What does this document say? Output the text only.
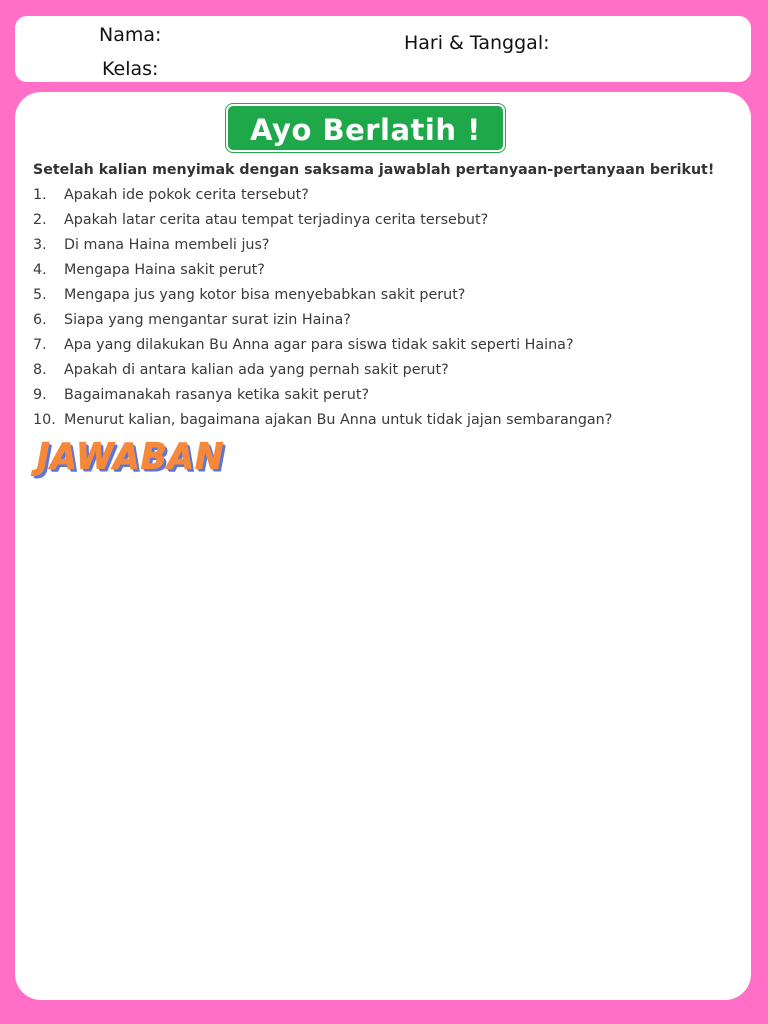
Nama:
Kelas:
Hari & Tanggal:
Ayo Berlatih !
Setelah kalian menyimak dengan saksama jawablah pertanyaan-pertanyaan berikut!
1.	Apakah ide pokok cerita tersebut?
2.	Apakah latar cerita atau tempat terjadinya cerita tersebut?
3.	Di mana Haina membeli jus?
4.	Mengapa Haina sakit perut?
5.	Mengapa jus yang kotor bisa menyebabkan sakit perut?
6.	Siapa yang mengantar surat izin Haina?
7.	Apa yang dilakukan Bu Anna agar para siswa tidak sakit seperti Haina?
8.	Apakah di antara kalian ada yang pernah sakit perut?
9.	Bagaimanakah rasanya ketika sakit perut?
10. Menurut kalian, bagaimana ajakan Bu Anna untuk tidak jajan sembarangan?
JAWABAN
